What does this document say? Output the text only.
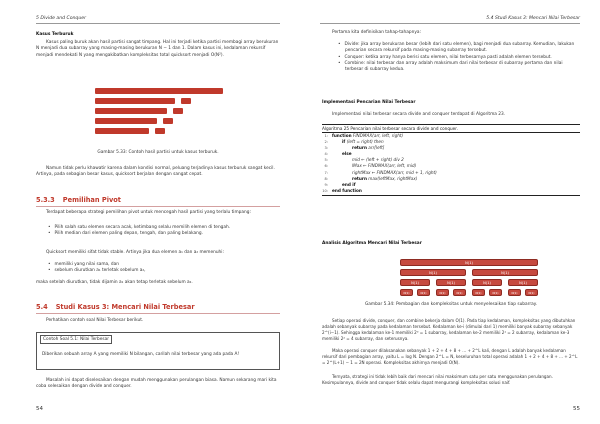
5 Divide and Conquer
Kasus Terburuk
Kasus paling buruk akan hasil partisi sangat timpang. Hal ini terjadi ketika partisi membagi array berukuran N menjadi dua subarray yang masing-masing berukuran N − 1 dan 1. Dalam kasus ini, kedalaman rekursif menjadi mendekati N yang mengakibatkan kompleksitas total quicksort menjadi O(N²).
Gambar 5.33: Contoh hasil partisi untuk kasus terburuk.
Namun tidak perlu khawatir karena dalam kondisi normal, peluang terjadinya kasus terburuk sangat kecil. Artinya, pada sebagian besar kasus, quicksort berjalan dengan sangat cepat.
5.3.3 Pemilihan Pivot
Terdapat beberapa strategi pemilihan pivot untuk mencegah hasil partisi yang terlalu timpang:
• Pilih salah satu elemen secara acak, ketimbang selalu memilih elemen di tengah.
• Pilih median dari elemen paling depan, tengah, dan paling belakang.
Quicksort memiliki sifat tidak stable. Artinya jika dua elemen a₁ dan a₂ memenuhi:
• memiliki yang nilai sama, dan
• sebelum diurutkan a₁ terletak sebelum a₂,
maka setelah diurutkan, tidak dijamin a₁ akan tetap terletak sebelum a₂.
5.4 Studi Kasus 3: Mencari Nilai Terbesar
Perhatikan contoh soal Nilai Terbesar berikut.
Contoh Soal 5.1: Nilai Terbesar
Diberikan sebuah array A yang memiliki N bilangan, carilah nilai terbesar yang ada pada A!
Masalah ini dapat diselesaikan dengan mudah menggunakan perulangan biasa. Namun sekarang mari kita coba selesaikan dengan divide and conquer.
54
5.4 Studi Kasus 3: Mencari Nilai Terbesar
Pertama kita definisikan tahap-tahapnya:
• Divide: jika array berukuran besar (lebih dari satu elemen), bagi menjadi dua subarray. Kemudian, lakukan pencarian secara rekursif pada masing-masing subarray tersebut.
• Conquer: ketika array hanya berisi satu elemen, nilai terbesarnya pasti adalah elemen tersebut.
• Combine: nilai terbesar dan array adalah maksimum dari nilai terbesar di subarray pertama dan nilai terbesar di subarray kedua.
Implementasi Pencarian Nilai Terbesar
Implementasi nilai terbesar secara divide and conquer terdapat di Algoritma 23.
Algoritma 25 Pencarian nilai terbesar secara divide and conquer.
1: function FINDMAX(arr, left, right)
2:	if (left = right) then
3:	return arr[left]
4:	else
5:	mid ← (left + right) div 2
6:	lMax ← FINDMAX(arr, left, mid)
7:	rightMax ← FINDMAX(arr, mid + 1, right)
8:	return max(leftMax, rightMax)
9:	end if
10: end function
Analisis Algoritma Mencari Nilai Terbesar
N(1)
N(1)	N(1)
N(1)	N(1)	N(1)	N(1)
N(1)	N(1)	N(1)	N(1)	N(1)	N(1)	N(1)	N(1)
Gambar 5.34: Pembagian dan kompleksitas untuk menyelesaikan tiap subarray.
Setiap operasi divide, conquer, dan combine bekerja dalam O(1). Pada tiap kedalaman, kompleksitas yang dibutuhkan adalah sebanyak subarray pada kedalaman tersebut. Kedalaman ke-i (dimulai dari 1) memiliki banyak subarray sebanyak 2^(i−1). Sehingga kedalaman ke-1 memiliki 2⁰ = 1 subarray, kedalaman ke-2 memiliki 2¹ = 2 subarray, kedalaman ke-3 memiliki 2² = 4 subarray, dan seterusnya.
Maka operasi conquer dilaksanakan sebanyak 1 + 2 + 4 + 8 + ... + 2^L kali, dengan L adalah banyak kedalaman rekursif dari pembagian array, yaitu L = log N. Dengan 2^L = N, keseluruhan total operasi adalah 1 + 2 + 4 + 8 + ... + 2^L = 2^(L+1) − 1 = 2N operasi. Kompleksitas akhirnya menjadi O(N).
Ternyata, strategi ini tidak lebih baik dari mencari nilai maksimum satu per satu menggunakan perulangan. Kesimpulannya, divide and conquer tidak selalu dapat mengurangi kompleksitas solusi naif.
55
